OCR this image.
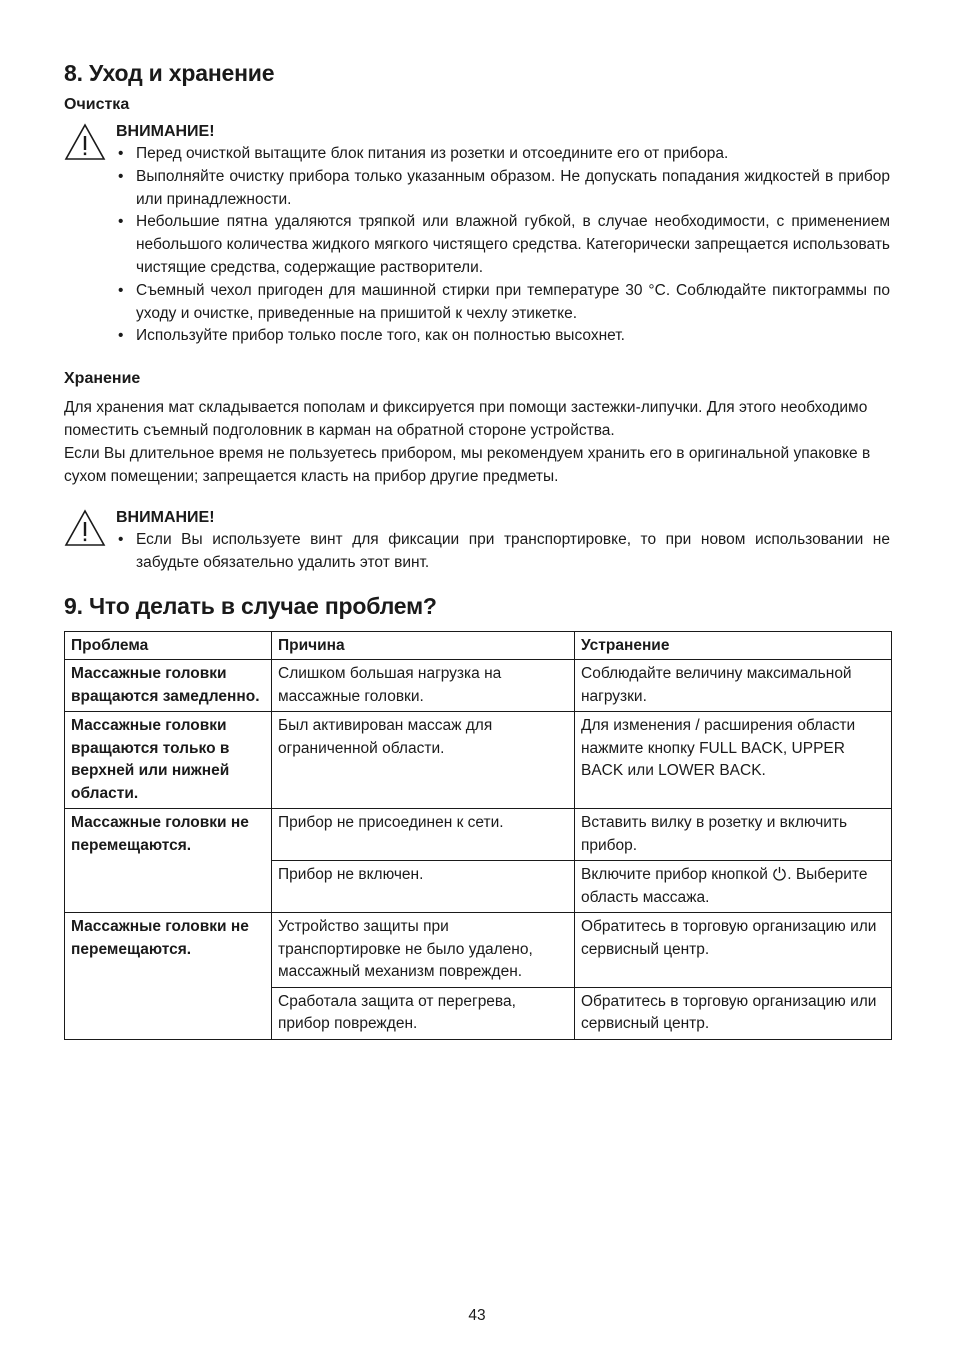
8. Уход и хранение
Очистка
ВНИМАНИЕ!
• Перед очисткой вытащите блок питания из розетки и отсоедините его от прибора.
• Выполняйте очистку прибора только указанным образом. Не допускать попадания жидкостей в прибор или принадлежности.
• Небольшие пятна удаляются тряпкой или влажной губкой, в случае необходимости, с применением небольшого количества жидкого мягкого чистящего средства. Категорически запрещается использовать чистящие средства, содержащие растворители.
• Съемный чехол пригоден для машинной стирки при температуре 30 °C. Соблюдайте пиктограммы по уходу и очистке, приведенные на пришитой к чехлу этикетке.
• Используйте прибор только после того, как он полностью высохнет.
Хранение

Для хранения мат складывается пополам и фиксируется при помощи застежки-липучки. Для этого необходимо поместить съемный подголовник в карман на обратной стороне устройства.

Если Вы длительное время не пользуетесь прибором, мы рекомендуем хранить его в оригинальной упаковке в сухом помещении; запрещается класть на прибор другие предметы.

ВНИМАНИЕ!
• Если Вы используете винт для фиксации при транспортировке, то при новом использовании не забудьте обязательно удалить этот винт.
9. Что делать в случае проблем?
Проблема	Причина	Устранение
Массажные головки вращаются замедленно.	Слишком большая нагрузка на массажные головки.	Соблюдайте величину максимальной нагрузки.
Массажные головки вращаются только в верхней или нижней области.	Был активирован массаж для ограниченной области.	Для изменения / расширения области нажмите кнопку FULL BACK, UPPER BACK или LOWER BACK.
Массажные головки не перемещаются.	Прибор не присоединен к сети.	Вставить вилку в розетку и включить прибор.
	Прибор не включен.	Включите прибор кнопкой . Выберите область массажа.
Массажные головки не перемещаются.	Устройство защиты при транспортировке не было удалено, массажный механизм поврежден.	Обратитесь в торговую организацию или сервисный центр.
	Сработала защита от перегрева, прибор поврежден.	Обратитесь в торговую организацию или сервисный центр.
43
